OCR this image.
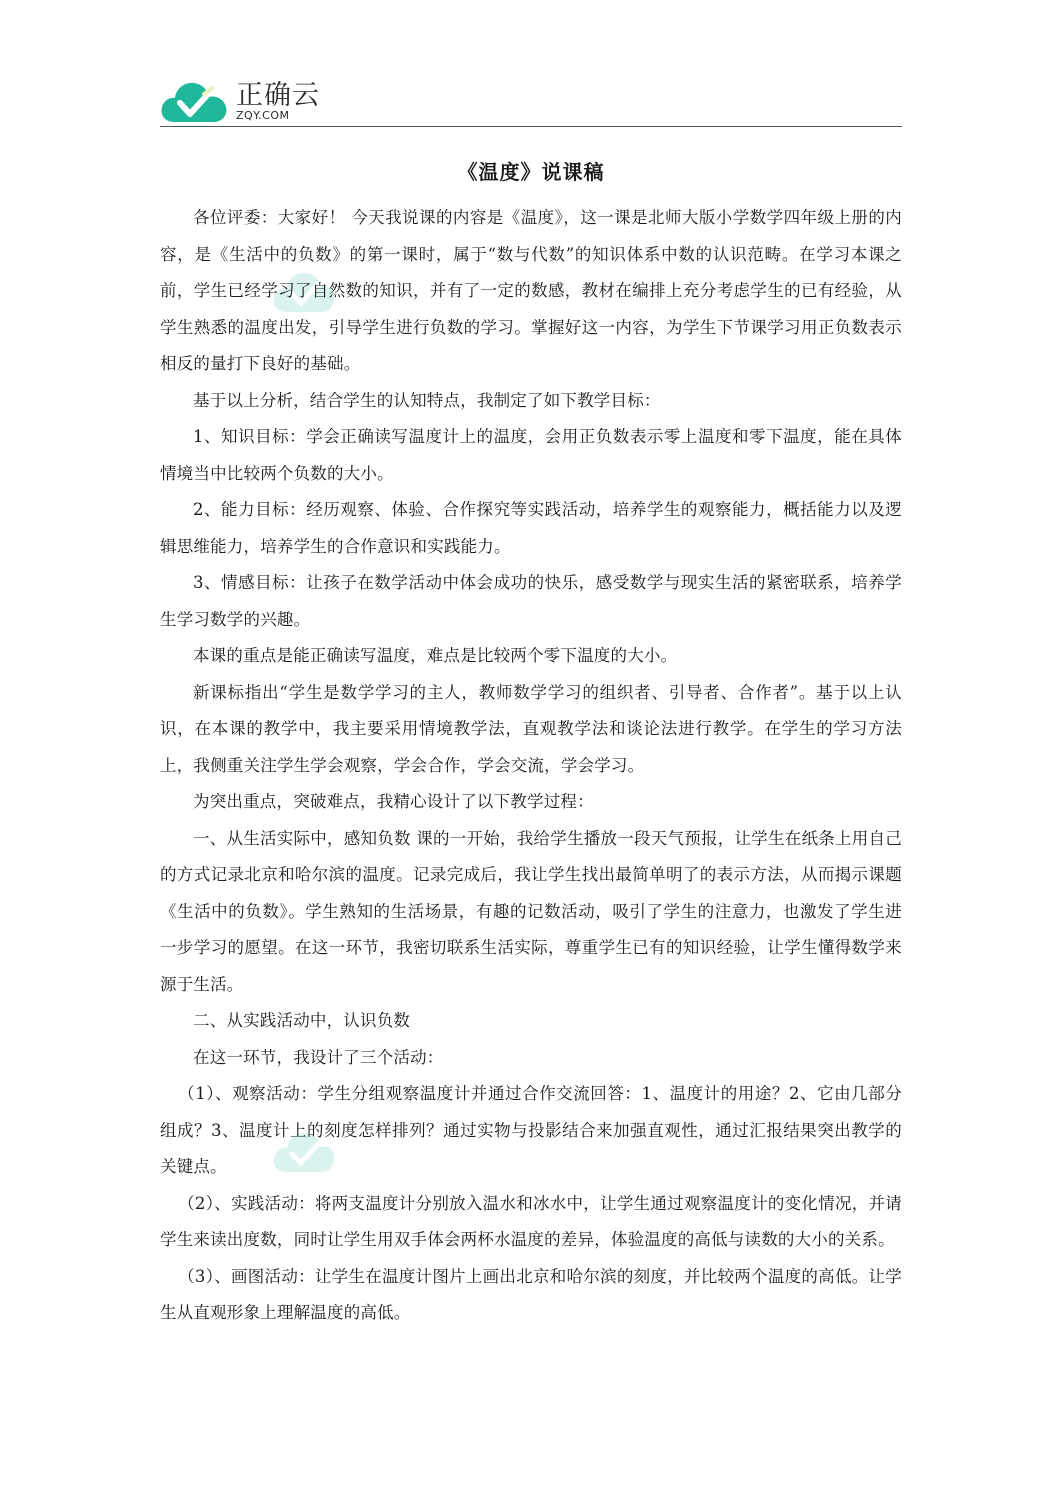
正确云
ZQY.COM
《温度》说课稿

各位评委：大家好！ 今天我说课的内容是《温度》，这一课是北师大版小学数学四年级上册的内容，是《生活中的负数》的第一课时，属于“数与代数”的知识体系中数的认识范畴。在学习本课之前，学生已经学习了自然数的知识，并有了一定的数感，教材在编排上充分考虑学生的已有经验，从学生熟悉的温度出发，引导学生进行负数的学习。掌握好这一内容，为学生下节课学习用正负数表示相反的量打下良好的基础。

基于以上分析，结合学生的认知特点，我制定了如下教学目标：

1、知识目标：学会正确读写温度计上的温度，会用正负数表示零上温度和零下温度，能在具体情境当中比较两个负数的大小。

2、能力目标：经历观察、体验、合作探究等实践活动，培养学生的观察能力，概括能力以及逻辑思维能力，培养学生的合作意识和实践能力。

3、情感目标：让孩子在数学活动中体会成功的快乐，感受数学与现实生活的紧密联系，培养学生学习数学的兴趣。

本课的重点是能正确读写温度，难点是比较两个零下温度的大小。

新课标指出“学生是数学学习的主人，教师数学学习的组织者、引导者、合作者”。基于以上认识，在本课的教学中，我主要采用情境教学法，直观教学法和谈论法进行教学。在学生的学习方法上，我侧重关注学生学会观察，学会合作，学会交流，学会学习。

为突出重点，突破难点，我精心设计了以下教学过程：

一、从生活实际中，感知负数 课的一开始，我给学生播放一段天气预报，让学生在纸条上用自己的方式记录北京和哈尔滨的温度。记录完成后，我让学生找出最简单明了的表示方法，从而揭示课题《生活中的负数》。学生熟知的生活场景，有趣的记数活动，吸引了学生的注意力，也激发了学生进一步学习的愿望。在这一环节，我密切联系生活实际，尊重学生已有的知识经验，让学生懂得数学来源于生活。

二、从实践活动中，认识负数

在这一环节，我设计了三个活动：

（1）、观察活动：学生分组观察温度计并通过合作交流回答：1、温度计的用途？2、它由几部分组成？3、温度计上的刻度怎样排列？通过实物与投影结合来加强直观性，通过汇报结果突出教学的关键点。

（2）、实践活动：将两支温度计分别放入温水和冰水中，让学生通过观察温度计的变化情况，并请学生来读出度数，同时让学生用双手体会两杯水温度的差异，体验温度的高低与读数的大小的关系。

（3）、画图活动：让学生在温度计图片上画出北京和哈尔滨的刻度，并比较两个温度的高低。让学生从直观形象上理解温度的高低。
